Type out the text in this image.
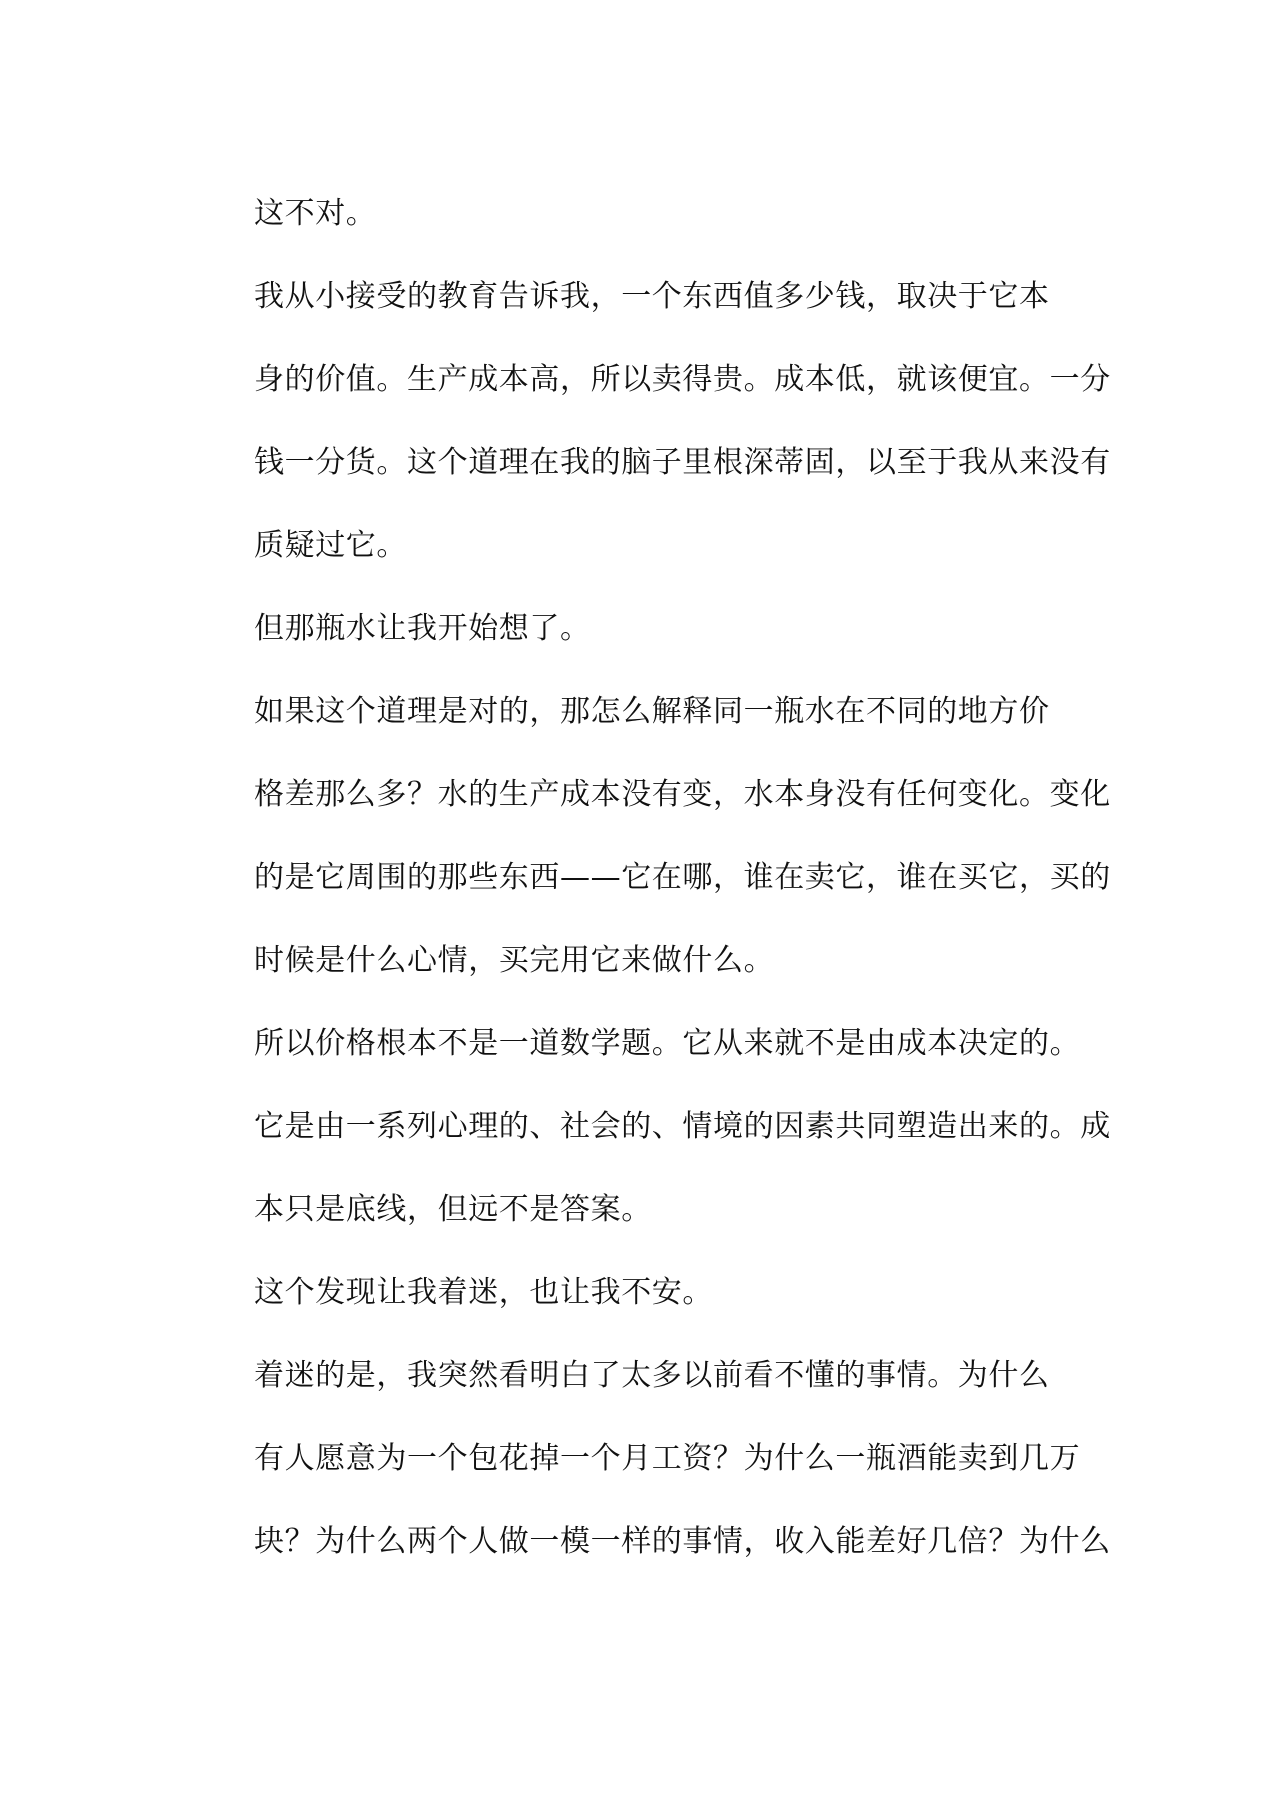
这不对。

我从小接受的教育告诉我，一个东西值多少钱，取决于它本
身的价值。生产成本高，所以卖得贵。成本低，就该便宜。一分
钱一分货。这个道理在我的脑子里根深蒂固，以至于我从来没有
质疑过它。

但那瓶水让我开始想了。

如果这个道理是对的，那怎么解释同一瓶水在不同的地方价
格差那么多？水的生产成本没有变，水本身没有任何变化。变化
的是它周围的那些东西——它在哪，谁在卖它，谁在买它，买的
时候是什么心情，买完用它来做什么。

所以价格根本不是一道数学题。它从来就不是由成本决定的。
它是由一系列心理的、社会的、情境的因素共同塑造出来的。成
本只是底线，但远不是答案。

这个发现让我着迷，也让我不安。

着迷的是，我突然看明白了太多以前看不懂的事情。为什么
有人愿意为一个包花掉一个月工资？为什么一瓶酒能卖到几万
块？为什么两个人做一模一样的事情，收入能差好几倍？为什么
